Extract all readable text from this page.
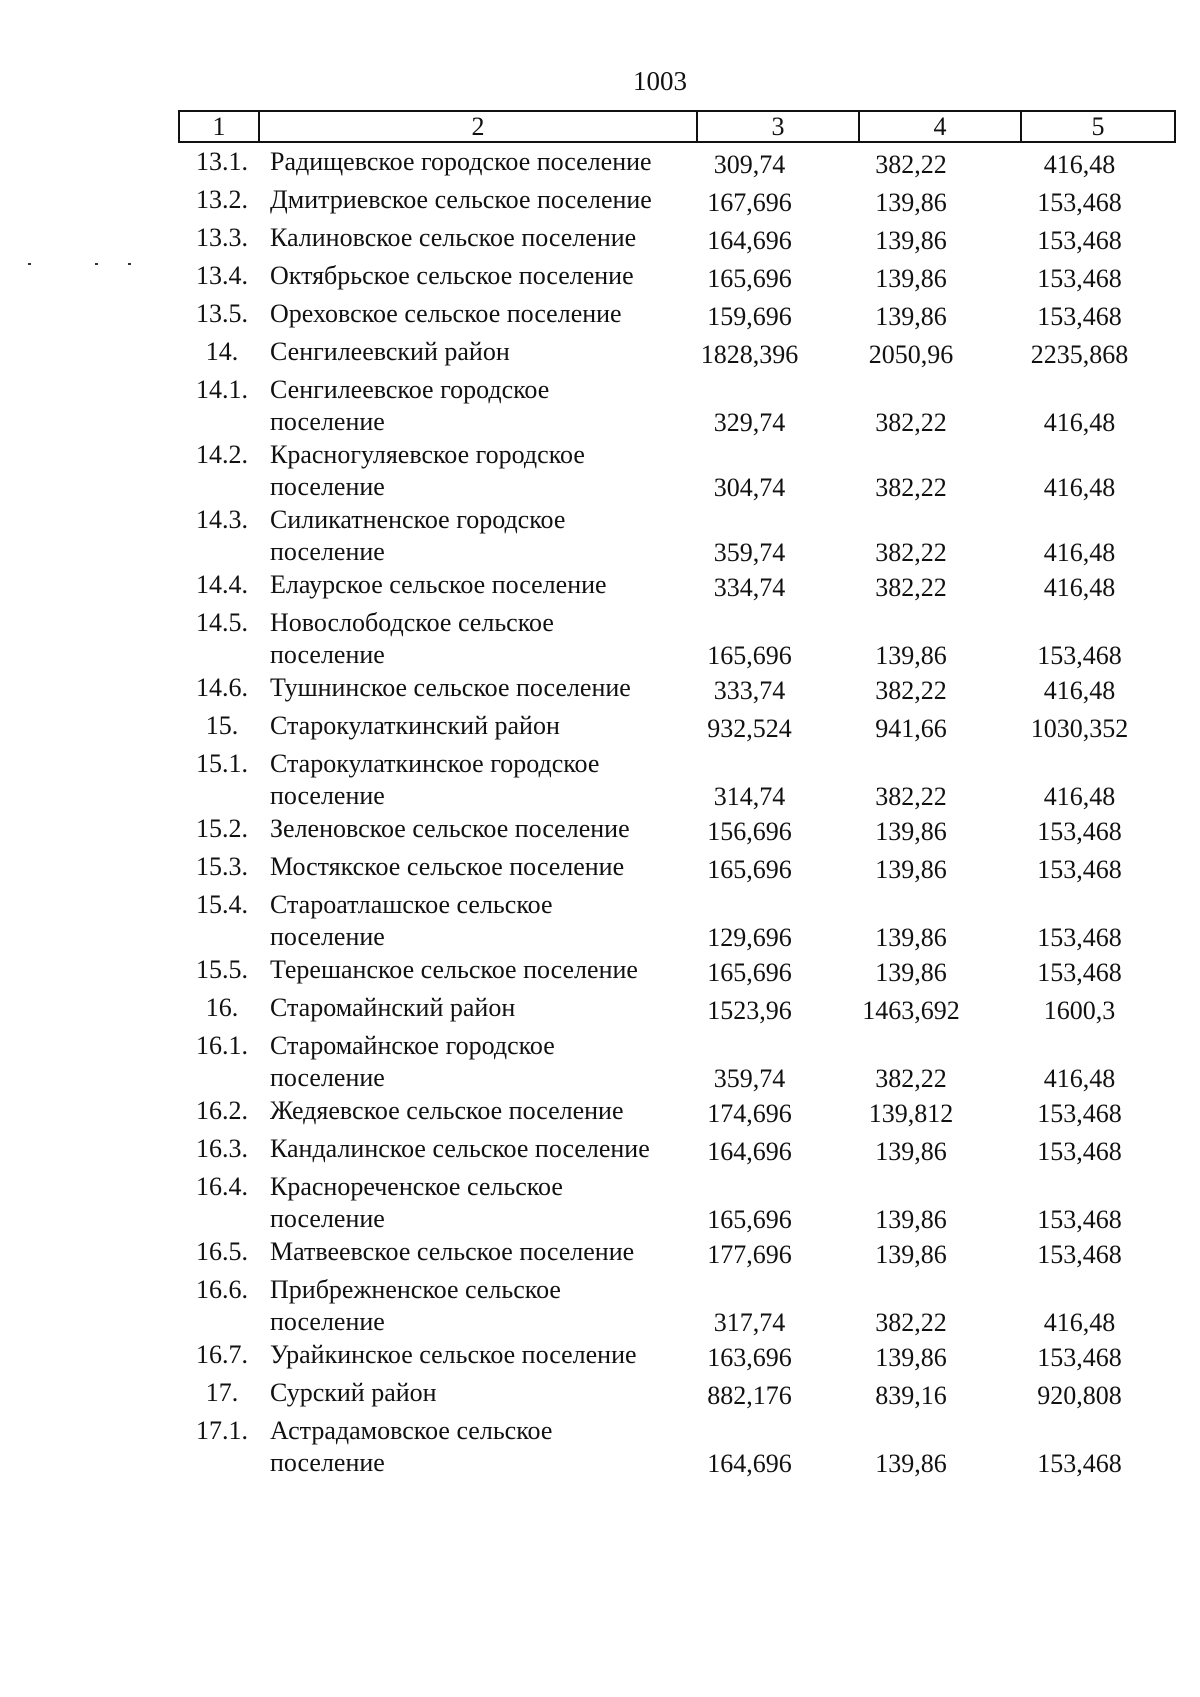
1003
1	2	3	4	5
13.1. Радищевское городское поселение	309,74	382,22	416,48
13.2. Дмитриевское сельское поселение	167,696	139,86	153,468
13.3. Калиновское сельское поселение	164,696	139,86	153,468
13.4. Октябрьское сельское поселение	165,696	139,86	153,468
13.5. Ореховское сельское поселение	159,696	139,86	153,468
14.	Сенгилеевский район	1828,396	2050,96	2235,868
14.1. Сенгилеевское городское поселение	329,74	382,22	416,48
14.2. Красногуляевское городское поселение	304,74	382,22	416,48
14.3. Силикатненское городское поселение	359,74	382,22	416,48
14.4. Елаурское сельское поселение	334,74	382,22	416,48
14.5. Новослободское сельское поселение	165,696	139,86	153,468
14.6. Тушнинское сельское поселение	333,74	382,22	416,48
15.	Старокулаткинский район	932,524	941,66	1030,352
15.1. Старокулаткинское городское поселение	314,74	382,22	416,48
15.2. Зеленовское сельское поселение	156,696	139,86	153,468
15.3. Мостякское сельское поселение	165,696	139,86	153,468
15.4. Староатлашское сельское поселение	129,696	139,86	153,468
15.5. Терешанское сельское поселение	165,696	139,86	153,468
16.	Старомайнский район	1523,96	1463,692	1600,3
16.1. Старомайнское городское поселение	359,74	382,22	416,48
16.2. Жедяевское сельское поселение	174,696	139,812	153,468
16.3. Кандалинское сельское поселение	164,696	139,86	153,468
16.4. Краснореченское сельское поселение	165,696	139,86	153,468
16.5. Матвеевское сельское поселение	177,696	139,86	153,468
16.6. Прибрежненское сельское поселение	317,74	382,22	416,48
16.7. Урайкинское сельское поселение	163,696	139,86	153,468
17.	Сурский район	882,176	839,16	920,808
17.1. Астрадамовское сельское поселение	164,696	139,86	153,468
